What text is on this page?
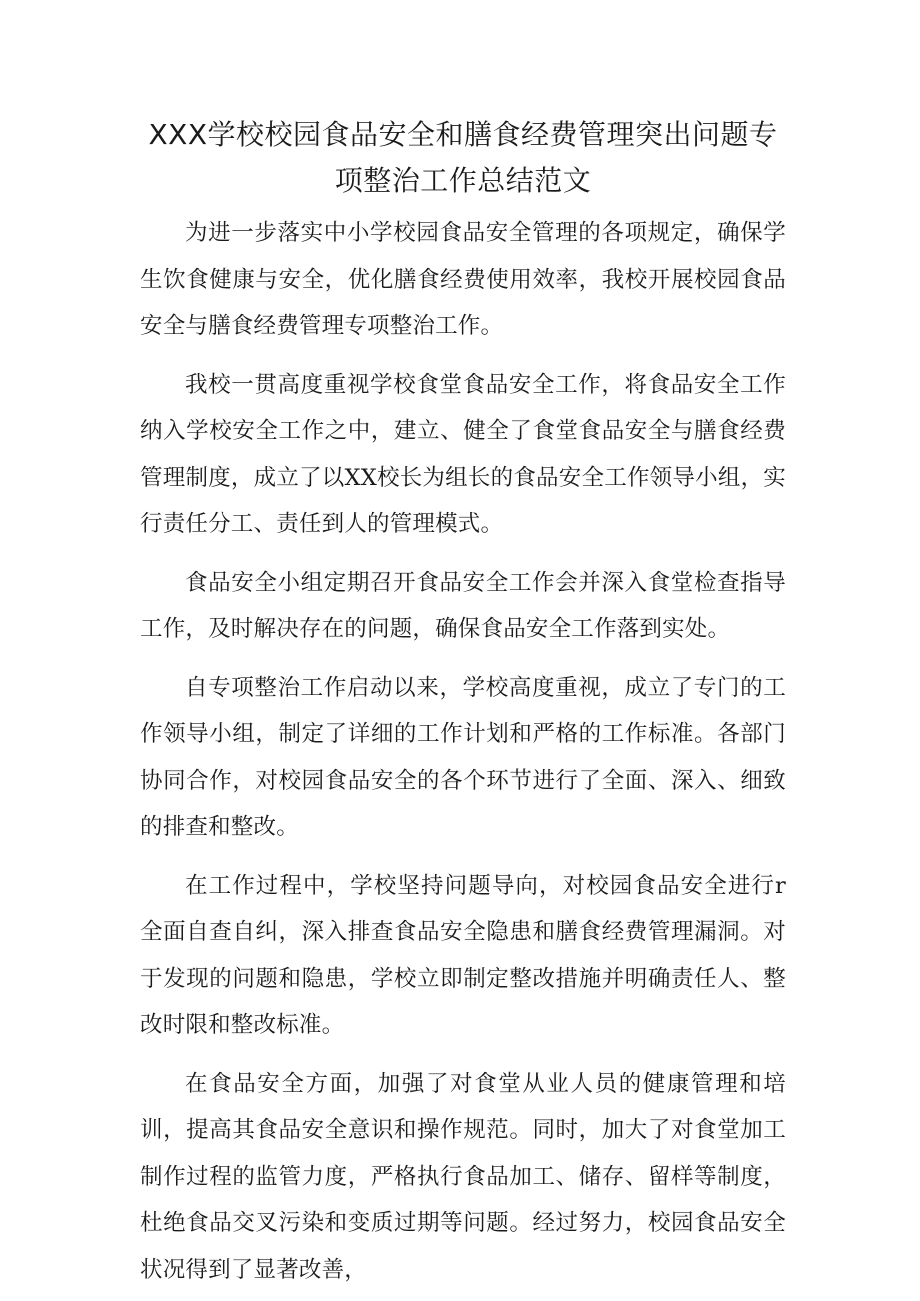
XXX学校校园食品安全和膳食经费管理突出问题专项整治工作总结范文

为进一步落实中小学校园食品安全管理的各项规定，确保学生饮食健康与安全，优化膳食经费使用效率，我校开展校园食品安全与膳食经费管理专项整治工作。

我校一贯高度重视学校食堂食品安全工作，将食品安全工作纳入学校安全工作之中，建立、健全了食堂食品安全与膳食经费管理制度，成立了以XX校长为组长的食品安全工作领导小组，实行责任分工、责任到人的管理模式。

食品安全小组定期召开食品安全工作会并深入食堂检查指导工作，及时解决存在的问题，确保食品安全工作落到实处。

自专项整治工作启动以来，学校高度重视，成立了专门的工作领导小组，制定了详细的工作计划和严格的工作标准。各部门协同合作，对校园食品安全的各个环节进行了全面、深入、细致的排查和整改。

在工作过程中，学校坚持问题导向，对校园食品安全进行r全面自查自纠，深入排查食品安全隐患和膳食经费管理漏洞。对于发现的问题和隐患，学校立即制定整改措施并明确责任人、整改时限和整改标准。

在食品安全方面，加强了对食堂从业人员的健康管理和培训，提高其食品安全意识和操作规范。同时，加大了对食堂加工制作过程的监管力度，严格执行食品加工、储存、留样等制度，杜绝食品交叉污染和变质过期等问题。经过努力，校园食品安全状况得到了显著改善，
